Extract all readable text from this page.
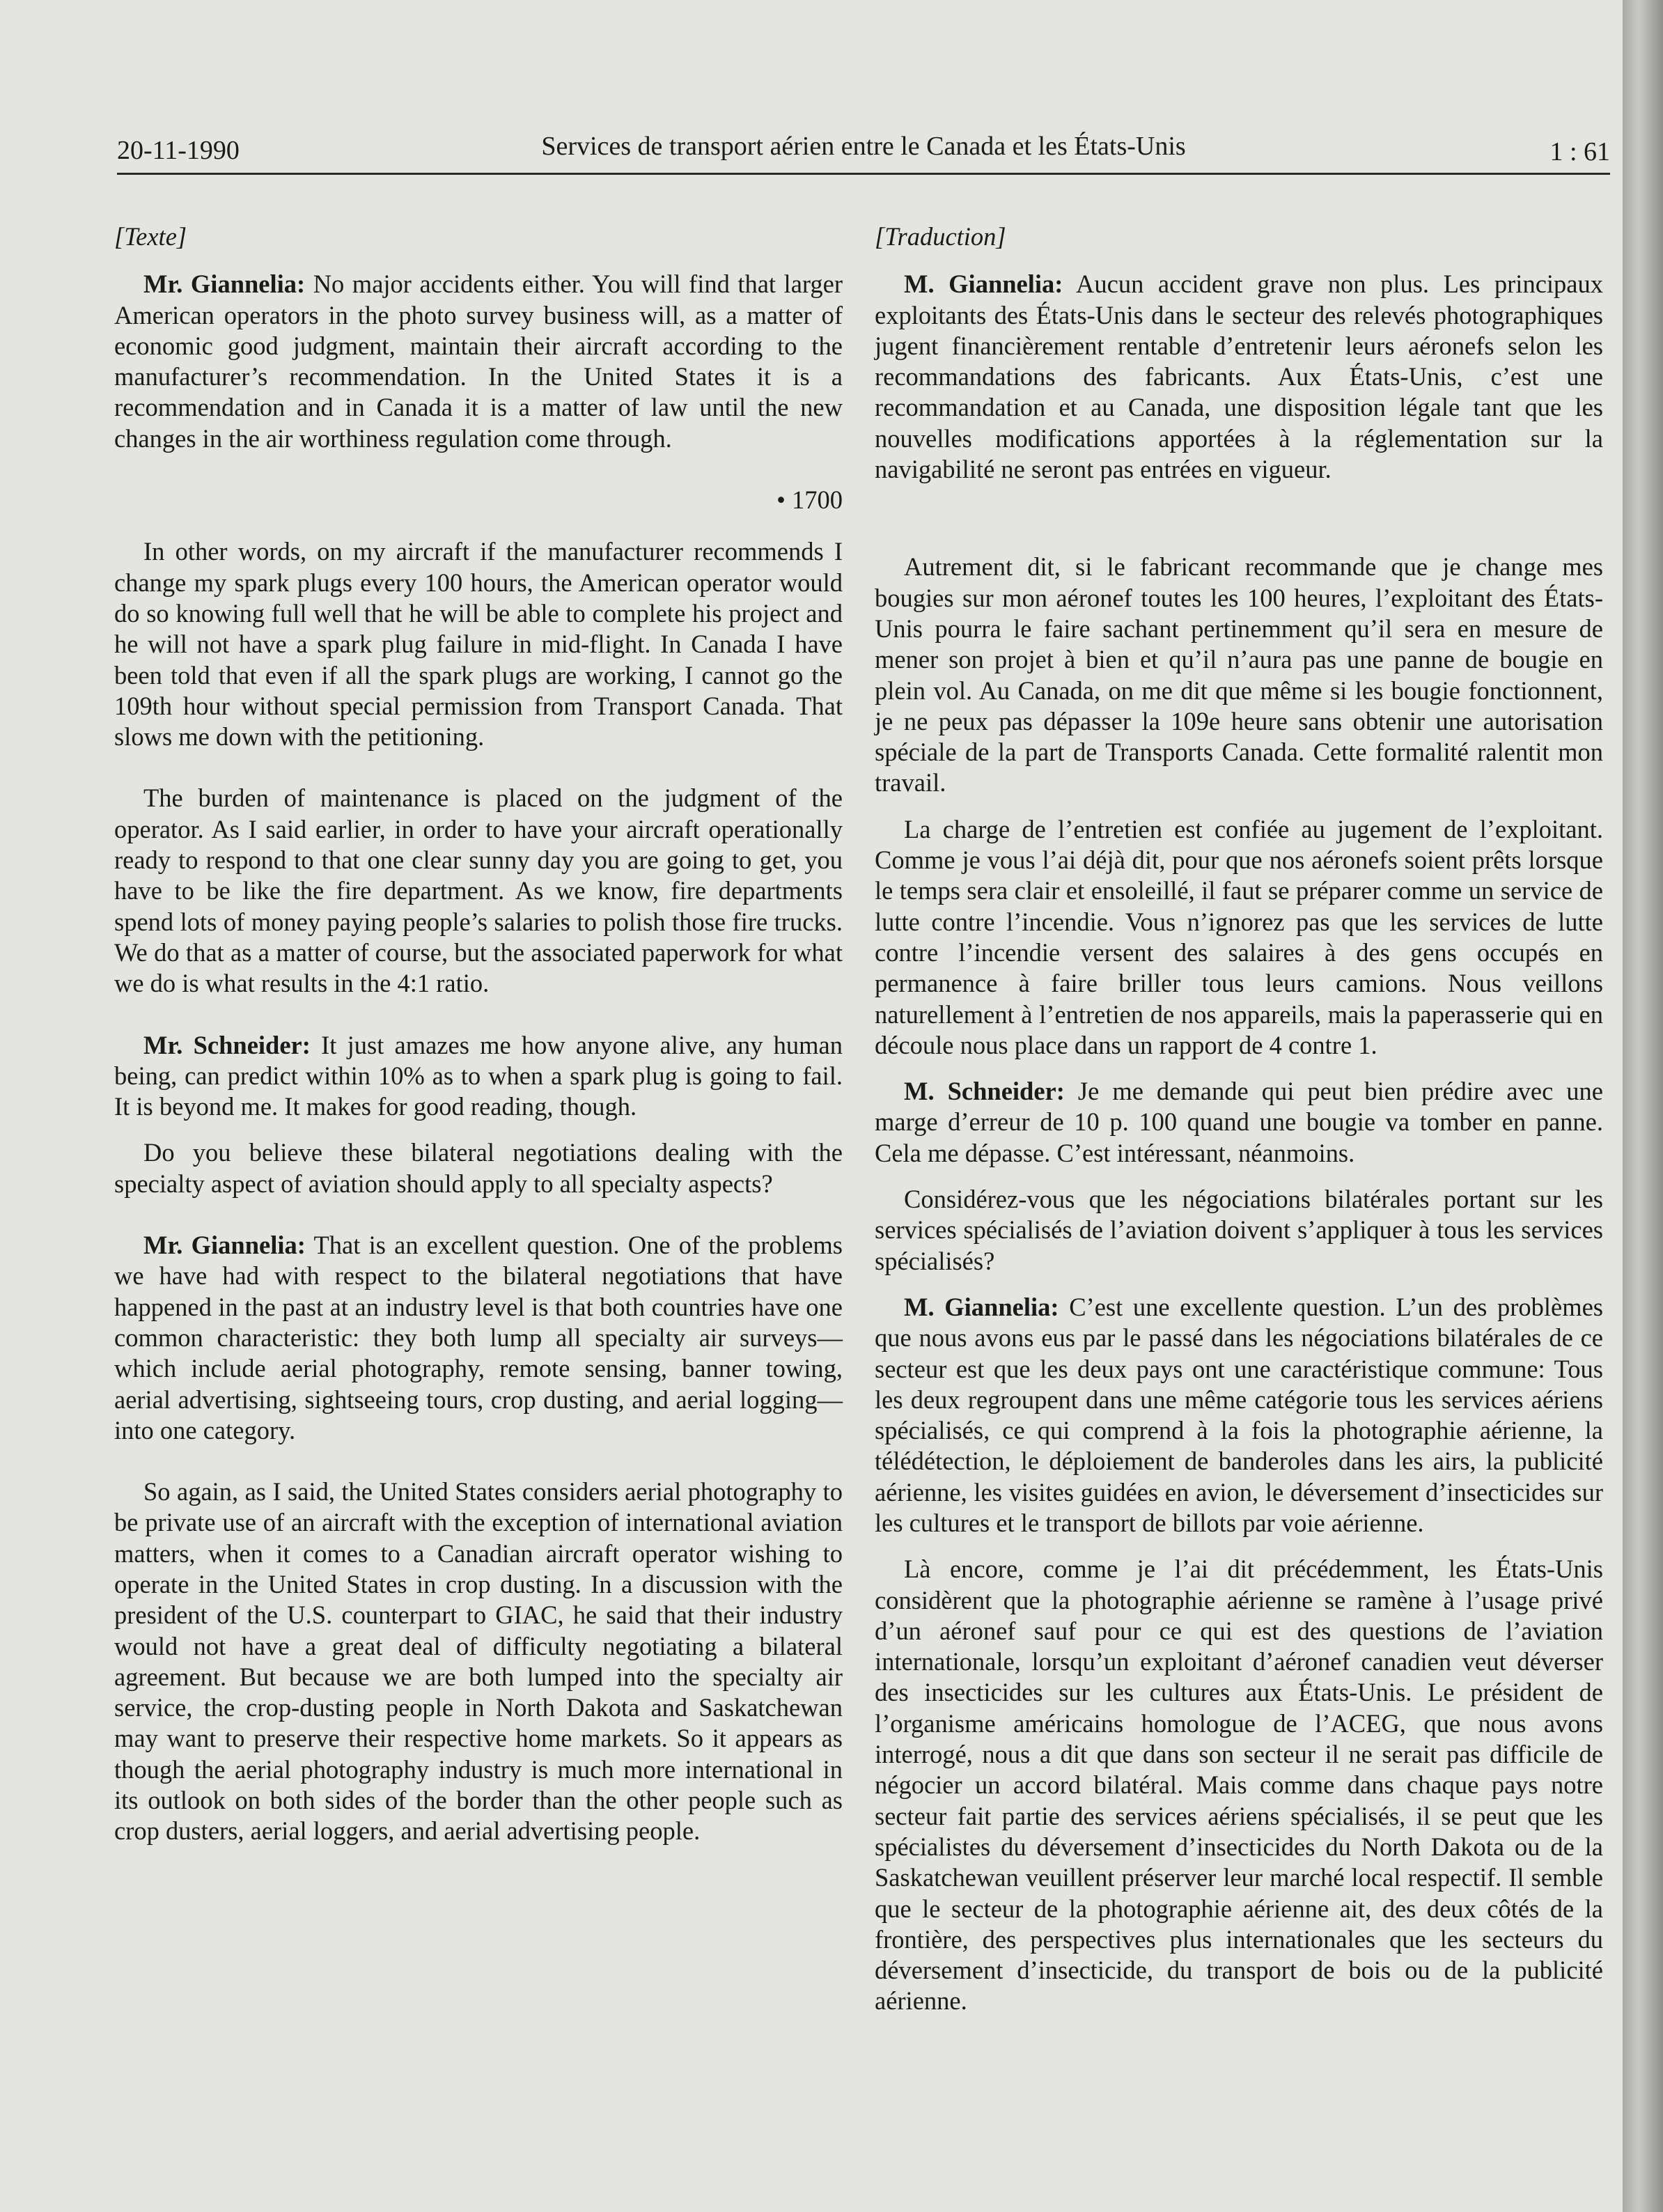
20-11-1990	Services de transport aérien entre le Canada et les États-Unis	1 : 61

[Texte]

Mr. Giannelia: No major accidents either. You will find that larger American operators in the photo survey business will, as a matter of economic good judgment, maintain their aircraft according to the manufacturer’s recommendation. In the United States it is a recommendation and in Canada it is a matter of law until the new changes in the air worthiness regulation come through.

• 1700

In other words, on my aircraft if the manufacturer recommends I change my spark plugs every 100 hours, the American operator would do so knowing full well that he will be able to complete his project and he will not have a spark plug failure in mid-flight. In Canada I have been told that even if all the spark plugs are working, I cannot go the 109th hour without special permission from Transport Canada. That slows me down with the petitioning.

The burden of maintenance is placed on the judgment of the operator. As I said earlier, in order to have your aircraft operationally ready to respond to that one clear sunny day you are going to get, you have to be like the fire department. As we know, fire departments spend lots of money paying people’s salaries to polish those fire trucks. We do that as a matter of course, but the associated paperwork for what we do is what results in the 4:1 ratio.

Mr. Schneider: It just amazes me how anyone alive, any human being, can predict within 10% as to when a spark plug is going to fail. It is beyond me. It makes for good reading, though.

Do you believe these bilateral negotiations dealing with the specialty aspect of aviation should apply to all specialty aspects?

Mr. Giannelia: That is an excellent question. One of the problems we have had with respect to the bilateral negotiations that have happened in the past at an industry level is that both countries have one common characteristic: they both lump all specialty air surveys—which include aerial photography, remote sensing, banner towing, aerial advertising, sightseeing tours, crop dusting, and aerial logging—into one category.

So again, as I said, the United States considers aerial photography to be private use of an aircraft with the exception of international aviation matters, when it comes to a Canadian aircraft operator wishing to operate in the United States in crop dusting. In a discussion with the president of the U.S. counterpart to GIAC, he said that their industry would not have a great deal of difficulty negotiating a bilateral agreement. But because we are both lumped into the specialty air service, the crop-dusting people in North Dakota and Saskatchewan may want to preserve their respective home markets. So it appears as though the aerial photography industry is much more international in its outlook on both sides of the border than the other people such as crop dusters, aerial loggers, and aerial advertising people.

[Traduction]

M. Giannelia: Aucun accident grave non plus. Les principaux exploitants des États-Unis dans le secteur des relevés photographiques jugent financièrement rentable d’entretenir leurs aéronefs selon les recommandations des fabricants. Aux États-Unis, c’est une recommandation et au Canada, une disposition légale tant que les nouvelles modifications apportées à la réglementation sur la navigabilité ne seront pas entrées en vigueur.

Autrement dit, si le fabricant recommande que je change mes bougies sur mon aéronef toutes les 100 heures, l’exploitant des États-Unis pourra le faire sachant pertinemment qu’il sera en mesure de mener son projet à bien et qu’il n’aura pas une panne de bougie en plein vol. Au Canada, on me dit que même si les bougie fonctionnent, je ne peux pas dépasser la 109e heure sans obtenir une autorisation spéciale de la part de Transports Canada. Cette formalité ralentit mon travail.

La charge de l’entretien est confiée au jugement de l’exploitant. Comme je vous l’ai déjà dit, pour que nos aéronefs soient prêts lorsque le temps sera clair et ensoleillé, il faut se préparer comme un service de lutte contre l’incendie. Vous n’ignorez pas que les services de lutte contre l’incendie versent des salaires à des gens occupés en permanence à faire briller tous leurs camions. Nous veillons naturellement à l’entretien de nos appareils, mais la paperasserie qui en découle nous place dans un rapport de 4 contre 1.

M. Schneider: Je me demande qui peut bien prédire avec une marge d’erreur de 10 p. 100 quand une bougie va tomber en panne. Cela me dépasse. C’est intéressant, néanmoins.

Considérez-vous que les négociations bilatérales portant sur les services spécialisés de l’aviation doivent s’appliquer à tous les services spécialisés?

M. Giannelia: C’est une excellente question. L’un des problèmes que nous avons eus par le passé dans les négociations bilatérales de ce secteur est que les deux pays ont une caractéristique commune: Tous les deux regroupent dans une même catégorie tous les services aériens spécialisés, ce qui comprend à la fois la photographie aérienne, la télédétection, le déploiement de banderoles dans les airs, la publicité aérienne, les visites guidées en avion, le déversement d’insecticides sur les cultures et le transport de billots par voie aérienne.

Là encore, comme je l’ai dit précédemment, les États-Unis considèrent que la photographie aérienne se ramène à l’usage privé d’un aéronef sauf pour ce qui est des questions de l’aviation internationale, lorsqu’un exploitant d’aéronef canadien veut déverser des insecticides sur les cultures aux États-Unis. Le président de l’organisme américains homologue de l’ACEG, que nous avons interrogé, nous a dit que dans son secteur il ne serait pas difficile de négocier un accord bilatéral. Mais comme dans chaque pays notre secteur fait partie des services aériens spécialisés, il se peut que les spécialistes du déversement d’insecticides du North Dakota ou de la Saskatchewan veuillent préserver leur marché local respectif. Il semble que le secteur de la photographie aérienne ait, des deux côtés de la frontière, des perspectives plus internationales que les secteurs du déversement d’insecticide, du transport de bois ou de la publicité aérienne.
